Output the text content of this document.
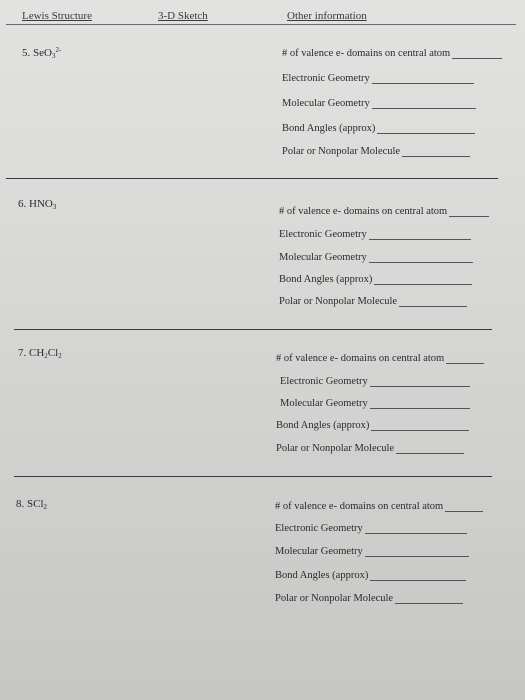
Lewis Structure	3-D Sketch	Other information
5. SeO$_3^{2-}$	# of valence e- domains on central atom
Electronic Geometry
Molecular Geometry
Bond Angles (approx)
Polar or Nonpolar Molecule
6. $HNO_3$	# of valence e- domains on central atom
Electronic Geometry
Molecular Geometry
Bond Angles (approx)
Polar or Nonpolar Molecule
7. $CH_2Cl_2$	# of valence e- domains on central atom
Electronic Geometry
Molecular Geometry
Bond Angles (approx)
Polar or Nonpolar Molecule
8. SCl$_2$	# of valence e- domains on central atom
Electronic Geometry
Molecular Geometry
Bond Angles (approx)
Polar or Nonpolar Molecule
